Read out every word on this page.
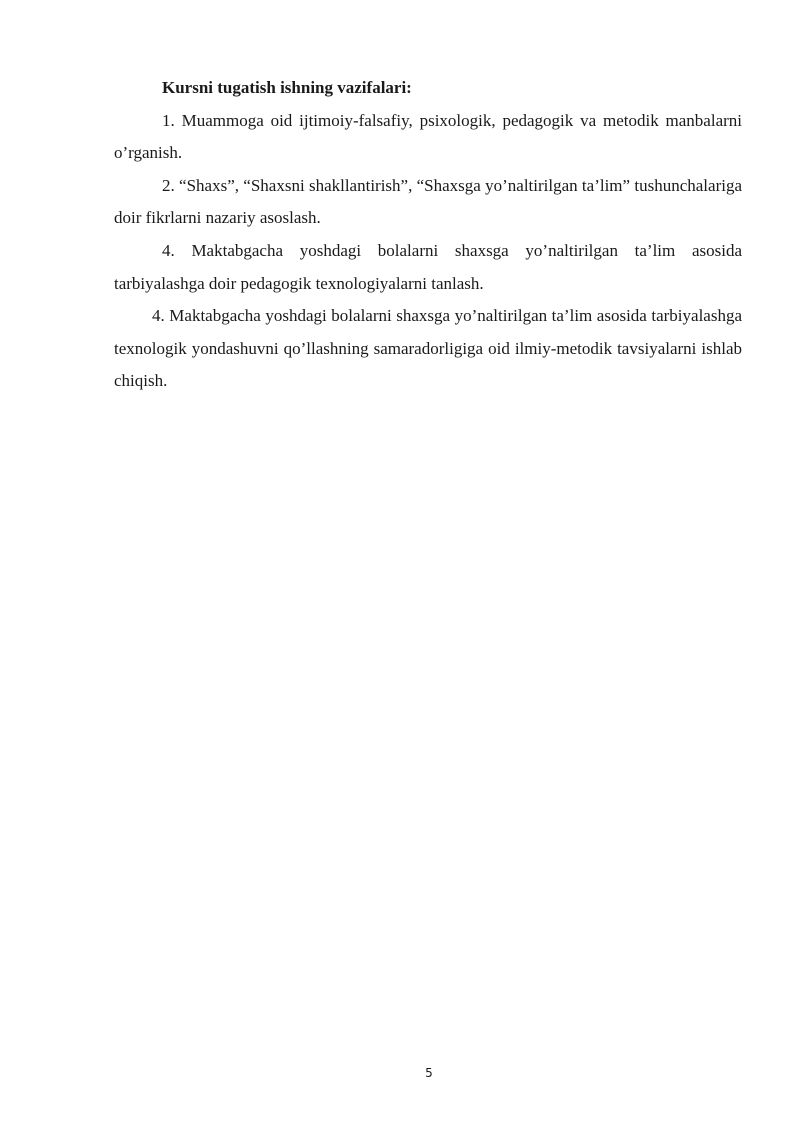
Kursni tugatish ishning vazifalari:

1. Muammoga oid ijtimoiy-falsafiy, psixologik, pedagogik va metodik manbalarni o’rganish.

2. “Shaxs”, “Shaxsni shakllantirish”, “Shaxsga yo’naltirilgan ta’lim” tushunchalariga doir fikrlarni nazariy asoslash.

4. Maktabgacha yoshdagi bolalarni shaxsga yo’naltirilgan ta’lim asosida tarbiyalashga doir pedagogik texnologiyalarni tanlash.

4. Maktabgacha yoshdagi bolalarni shaxsga yo’naltirilgan ta’lim asosida tarbiyalashga texnologik yondashuvni qo’llashning samaradorligiga oid ilmiy-metodik tavsiyalarni ishlab chiqish.

5
